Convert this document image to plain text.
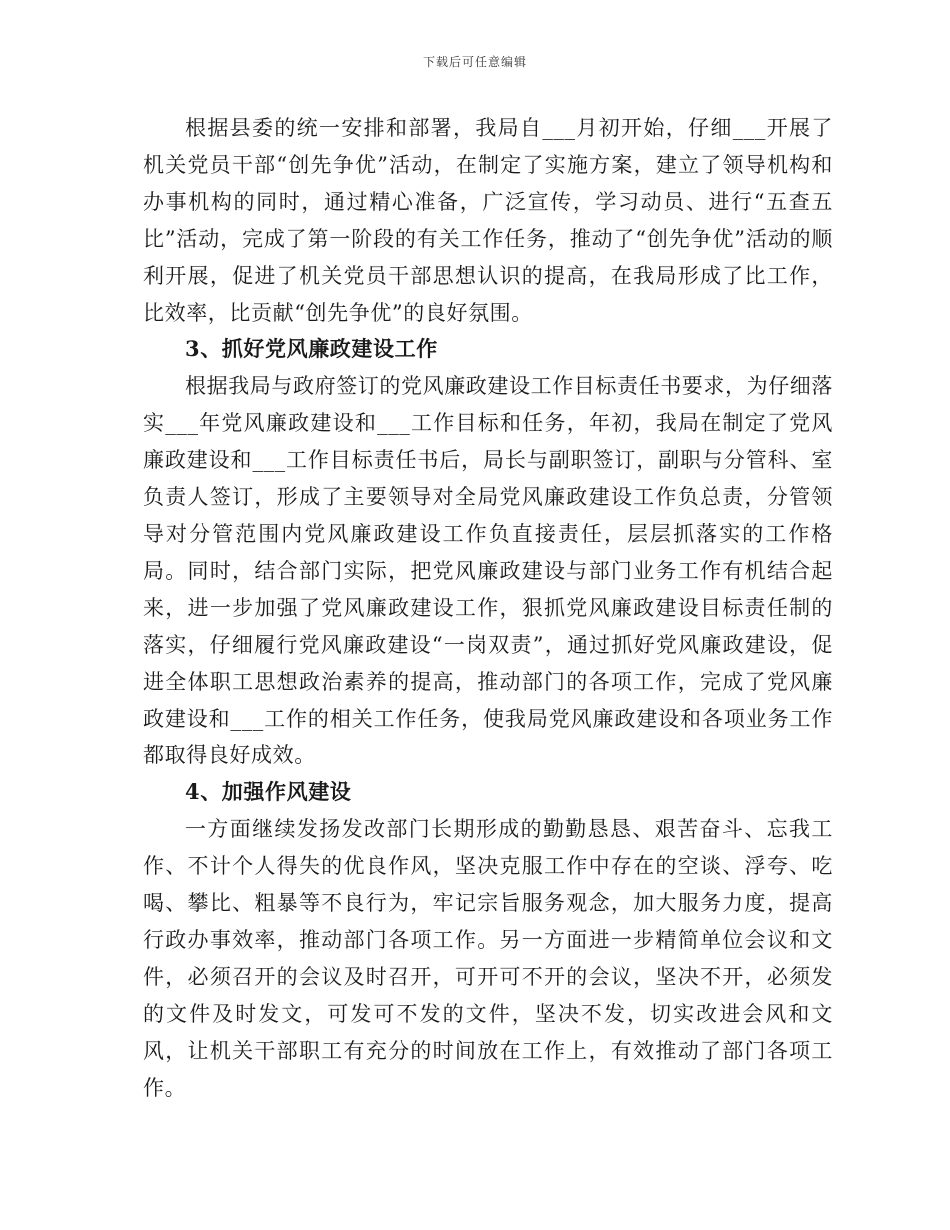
下载后可任意编辑

根据县委的统一安排和部署，我局自___月初开始，仔细___开展了机关党员干部“创先争优”活动，在制定了实施方案，建立了领导机构和办事机构的同时，通过精心准备，广泛宣传，学习动员、进行“五查五比”活动，完成了第一阶段的有关工作任务，推动了“创先争优”活动的顺利开展，促进了机关党员干部思想认识的提高，在我局形成了比工作，比效率，比贡献“创先争优”的良好氛围。

3、抓好党风廉政建设工作

根据我局与政府签订的党风廉政建设工作目标责任书要求，为仔细落实___年党风廉政建设和___工作目标和任务，年初，我局在制定了党风廉政建设和___工作目标责任书后，局长与副职签订，副职与分管科、室负责人签订，形成了主要领导对全局党风廉政建设工作负总责，分管领导对分管范围内党风廉政建设工作负直接责任，层层抓落实的工作格局。同时，结合部门实际，把党风廉政建设与部门业务工作有机结合起来，进一步加强了党风廉政建设工作，狠抓党风廉政建设目标责任制的落实，仔细履行党风廉政建设“一岗双责”，通过抓好党风廉政建设，促进全体职工思想政治素养的提高，推动部门的各项工作，完成了党风廉政建设和___工作的相关工作任务，使我局党风廉政建设和各项业务工作都取得良好成效。

4、加强作风建设

一方面继续发扬发改部门长期形成的勤勤恳恳、艰苦奋斗、忘我工作、不计个人得失的优良作风，坚决克服工作中存在的空谈、浮夸、吃喝、攀比、粗暴等不良行为，牢记宗旨服务观念，加大服务力度，提高行政办事效率，推动部门各项工作。另一方面进一步精简单位会议和文件，必须召开的会议及时召开，可开可不开的会议，坚决不开，必须发的文件及时发文，可发可不发的文件，坚决不发，切实改进会风和文风，让机关干部职工有充分的时间放在工作上，有效推动了部门各项工作。
